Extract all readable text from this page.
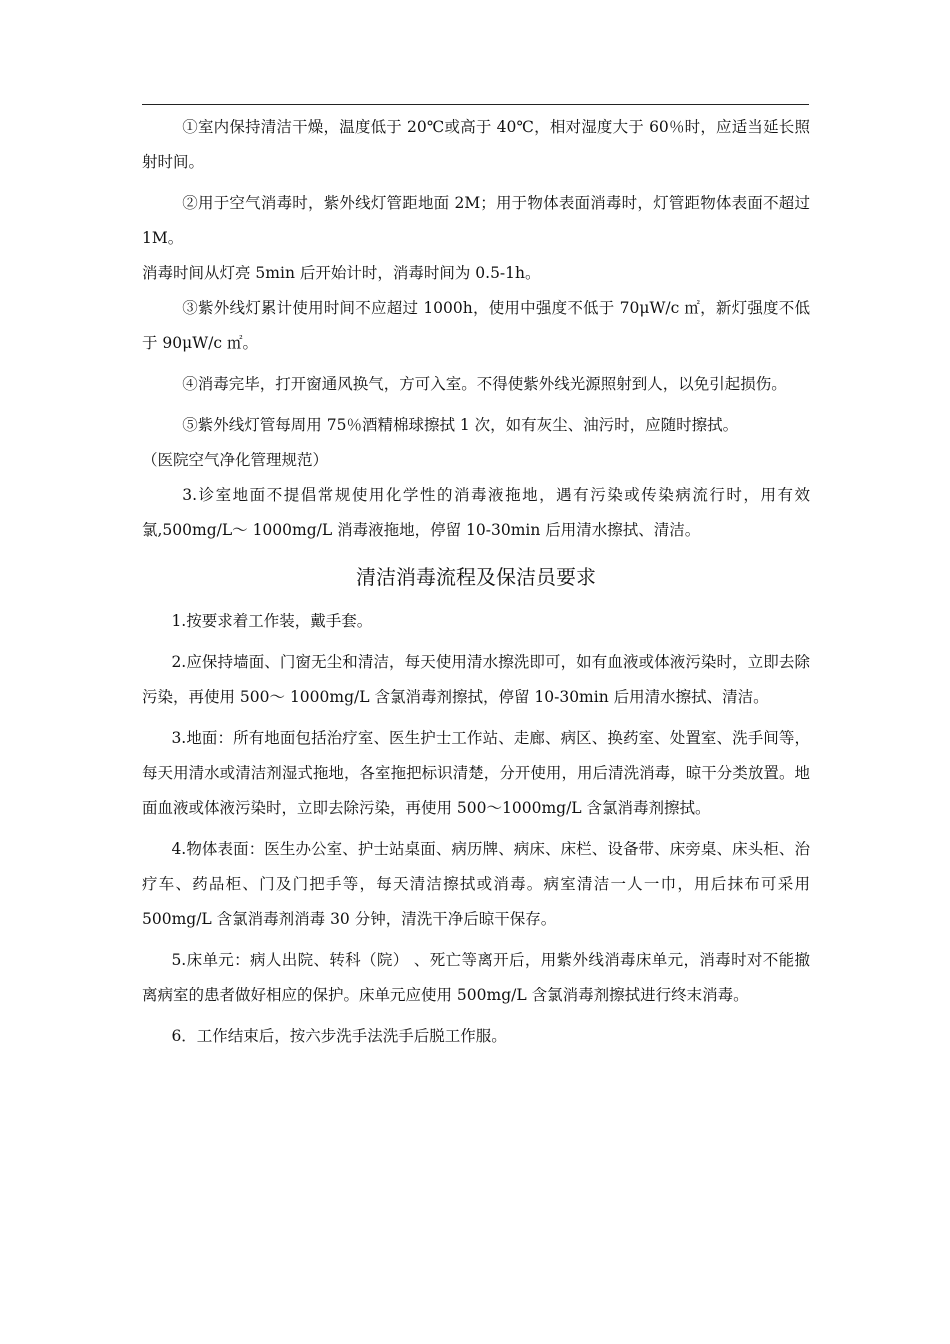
①室内保持清洁干燥，温度低于 20℃或高于 40℃，相对湿度大于 60％时，应适当延长照射时间。

②用于空气消毒时，紫外线灯管距地面 2M；用于物体表面消毒时，灯管距物体表面不超过 1M。

消毒时间从灯亮 5min 后开始计时，消毒时间为 0.5-1h。

③紫外线灯累计使用时间不应超过 1000h，使用中强度不低于 70μW/c ㎡，新灯强度不低于 90μW/c ㎡。

④消毒完毕，打开窗通风换气，方可入室。不得使紫外线光源照射到人，以免引起损伤。

⑤紫外线灯管每周用 75％酒精棉球擦拭 1 次，如有灰尘、油污时，应随时擦拭。

（医院空气净化管理规范）

3.诊室地面不提倡常规使用化学性的消毒液拖地，遇有污染或传染病流行时，用有效氯,500mg/L～ 1000mg/L 消毒液拖地，停留 10-30min 后用清水擦拭、清洁。

清洁消毒流程及保洁员要求

1.按要求着工作装，戴手套。

2.应保持墙面、门窗无尘和清洁，每天使用清水擦洗即可，如有血液或体液污染时，立即去除污染，再使用 500～ 1000mg/L 含氯消毒剂擦拭，停留 10-30min 后用清水擦拭、清洁。

3.地面：所有地面包括治疗室、医生护士工作站、走廊、病区、换药室、处置室、洗手间等，每天用清水或清洁剂湿式拖地，各室拖把标识清楚，分开使用，用后清洗消毒，晾干分类放置。地面血液或体液污染时，立即去除污染，再使用 500～1000mg/L 含氯消毒剂擦拭。

4.物体表面：医生办公室、护士站桌面、病历牌、病床、床栏、设备带、床旁桌、床头柜、治疗车、药品柜、门及门把手等，每天清洁擦拭或消毒。病室清洁一人一巾，用后抹布可采用 500mg/L 含氯消毒剂消毒 30 分钟，清洗干净后晾干保存。

5.床单元：病人出院、转科（院） 、死亡等离开后，用紫外线消毒床单元，消毒时对不能撤离病室的患者做好相应的保护。床单元应使用 500mg/L 含氯消毒剂擦拭进行终末消毒。

6．工作结束后，按六步洗手法洗手后脱工作服。
